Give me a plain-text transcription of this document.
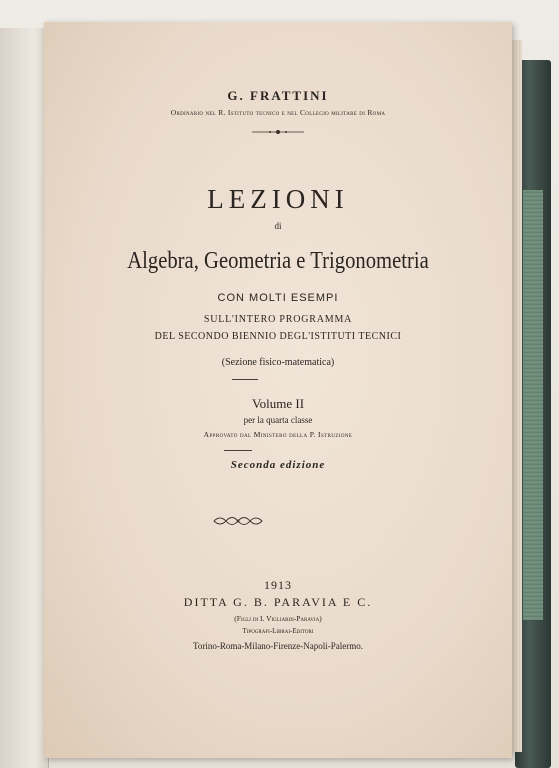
G. FRATTINI
Ordinario nel R. Istituto tecnico e nel Collegio militare di Roma
LEZIONI
di
Algebra, Geometria e Trigonometria
CON MOLTI ESEMPI
SULL'INTERO PROGRAMMA
DEL SECONDO BIENNIO DEGL'ISTITUTI TECNICI
(Sezione fisico-matematica)
Volume II
per la quarta classe
Approvato dal Ministero della P. Istruzione
Seconda edizione
1913
DITTA G. B. PARAVIA E C.
(Figli di I. Vigliardi-Paravia)
Tipografi-Librai-Editori
Torino-Roma-Milano-Firenze-Napoli-Palermo.
